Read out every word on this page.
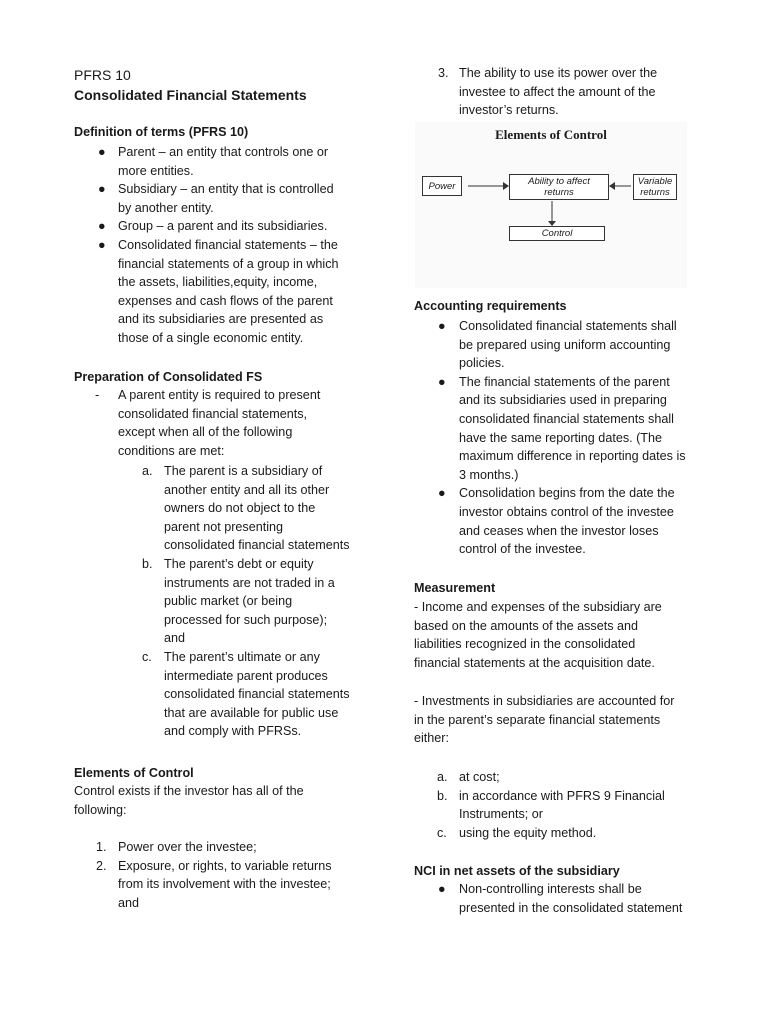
PFRS 10
Consolidated Financial Statements
Definition of terms (PFRS 10)
● Parent – an entity that controls one or
more entities.
● Subsidiary – an entity that is controlled
by another entity.
● Group – a parent and its subsidiaries.
● Consolidated financial statements – the
financial statements of a group in which
the assets, liabilities,equity, income,
expenses and cash flows of the parent
and its subsidiaries are presented as
those of a single economic entity.
Preparation of Consolidated FS
- A parent entity is required to present
consolidated financial statements,
except when all of the following
conditions are met:
a. The parent is a subsidiary of
another entity and all its other
owners do not object to the
parent not presenting
consolidated financial statements
b. The parent’s debt or equity
instruments are not traded in a
public market (or being
processed for such purpose);
and
c. The parent’s ultimate or any
intermediate parent produces
consolidated financial statements
that are available for public use
and comply with PFRSs.
Elements of Control
Control exists if the investor has all of the
following:
1. Power over the investee;
2. Exposure, or rights, to variable returns
from its involvement with the investee;
and
3. The ability to use its power over the
investee to affect the amount of the
investor’s returns.
Elements of Control
Power	Ability to affect
returns
Variable
returns
Control
Accounting requirements
● Consolidated financial statements shall
be prepared using uniform accounting
policies.
● The financial statements of the parent
and its subsidiaries used in preparing
consolidated financial statements shall
have the same reporting dates. (The
maximum difference in reporting dates is
3 months.)
● Consolidation begins from the date the
investor obtains control of the investee
and ceases when the investor loses
control of the investee.
Measurement
- Income and expenses of the subsidiary are
based on the amounts of the assets and
liabilities recognized in the consolidated
financial statements at the acquisition date.
- Investments in subsidiaries are accounted for
in the parent’s separate financial statements
either:
a. at cost;
b. in accordance with PFRS 9 Financial
Instruments; or
c. using the equity method.
NCI in net assets of the subsidiary
● Non-controlling interests shall be
presented in the consolidated statement
